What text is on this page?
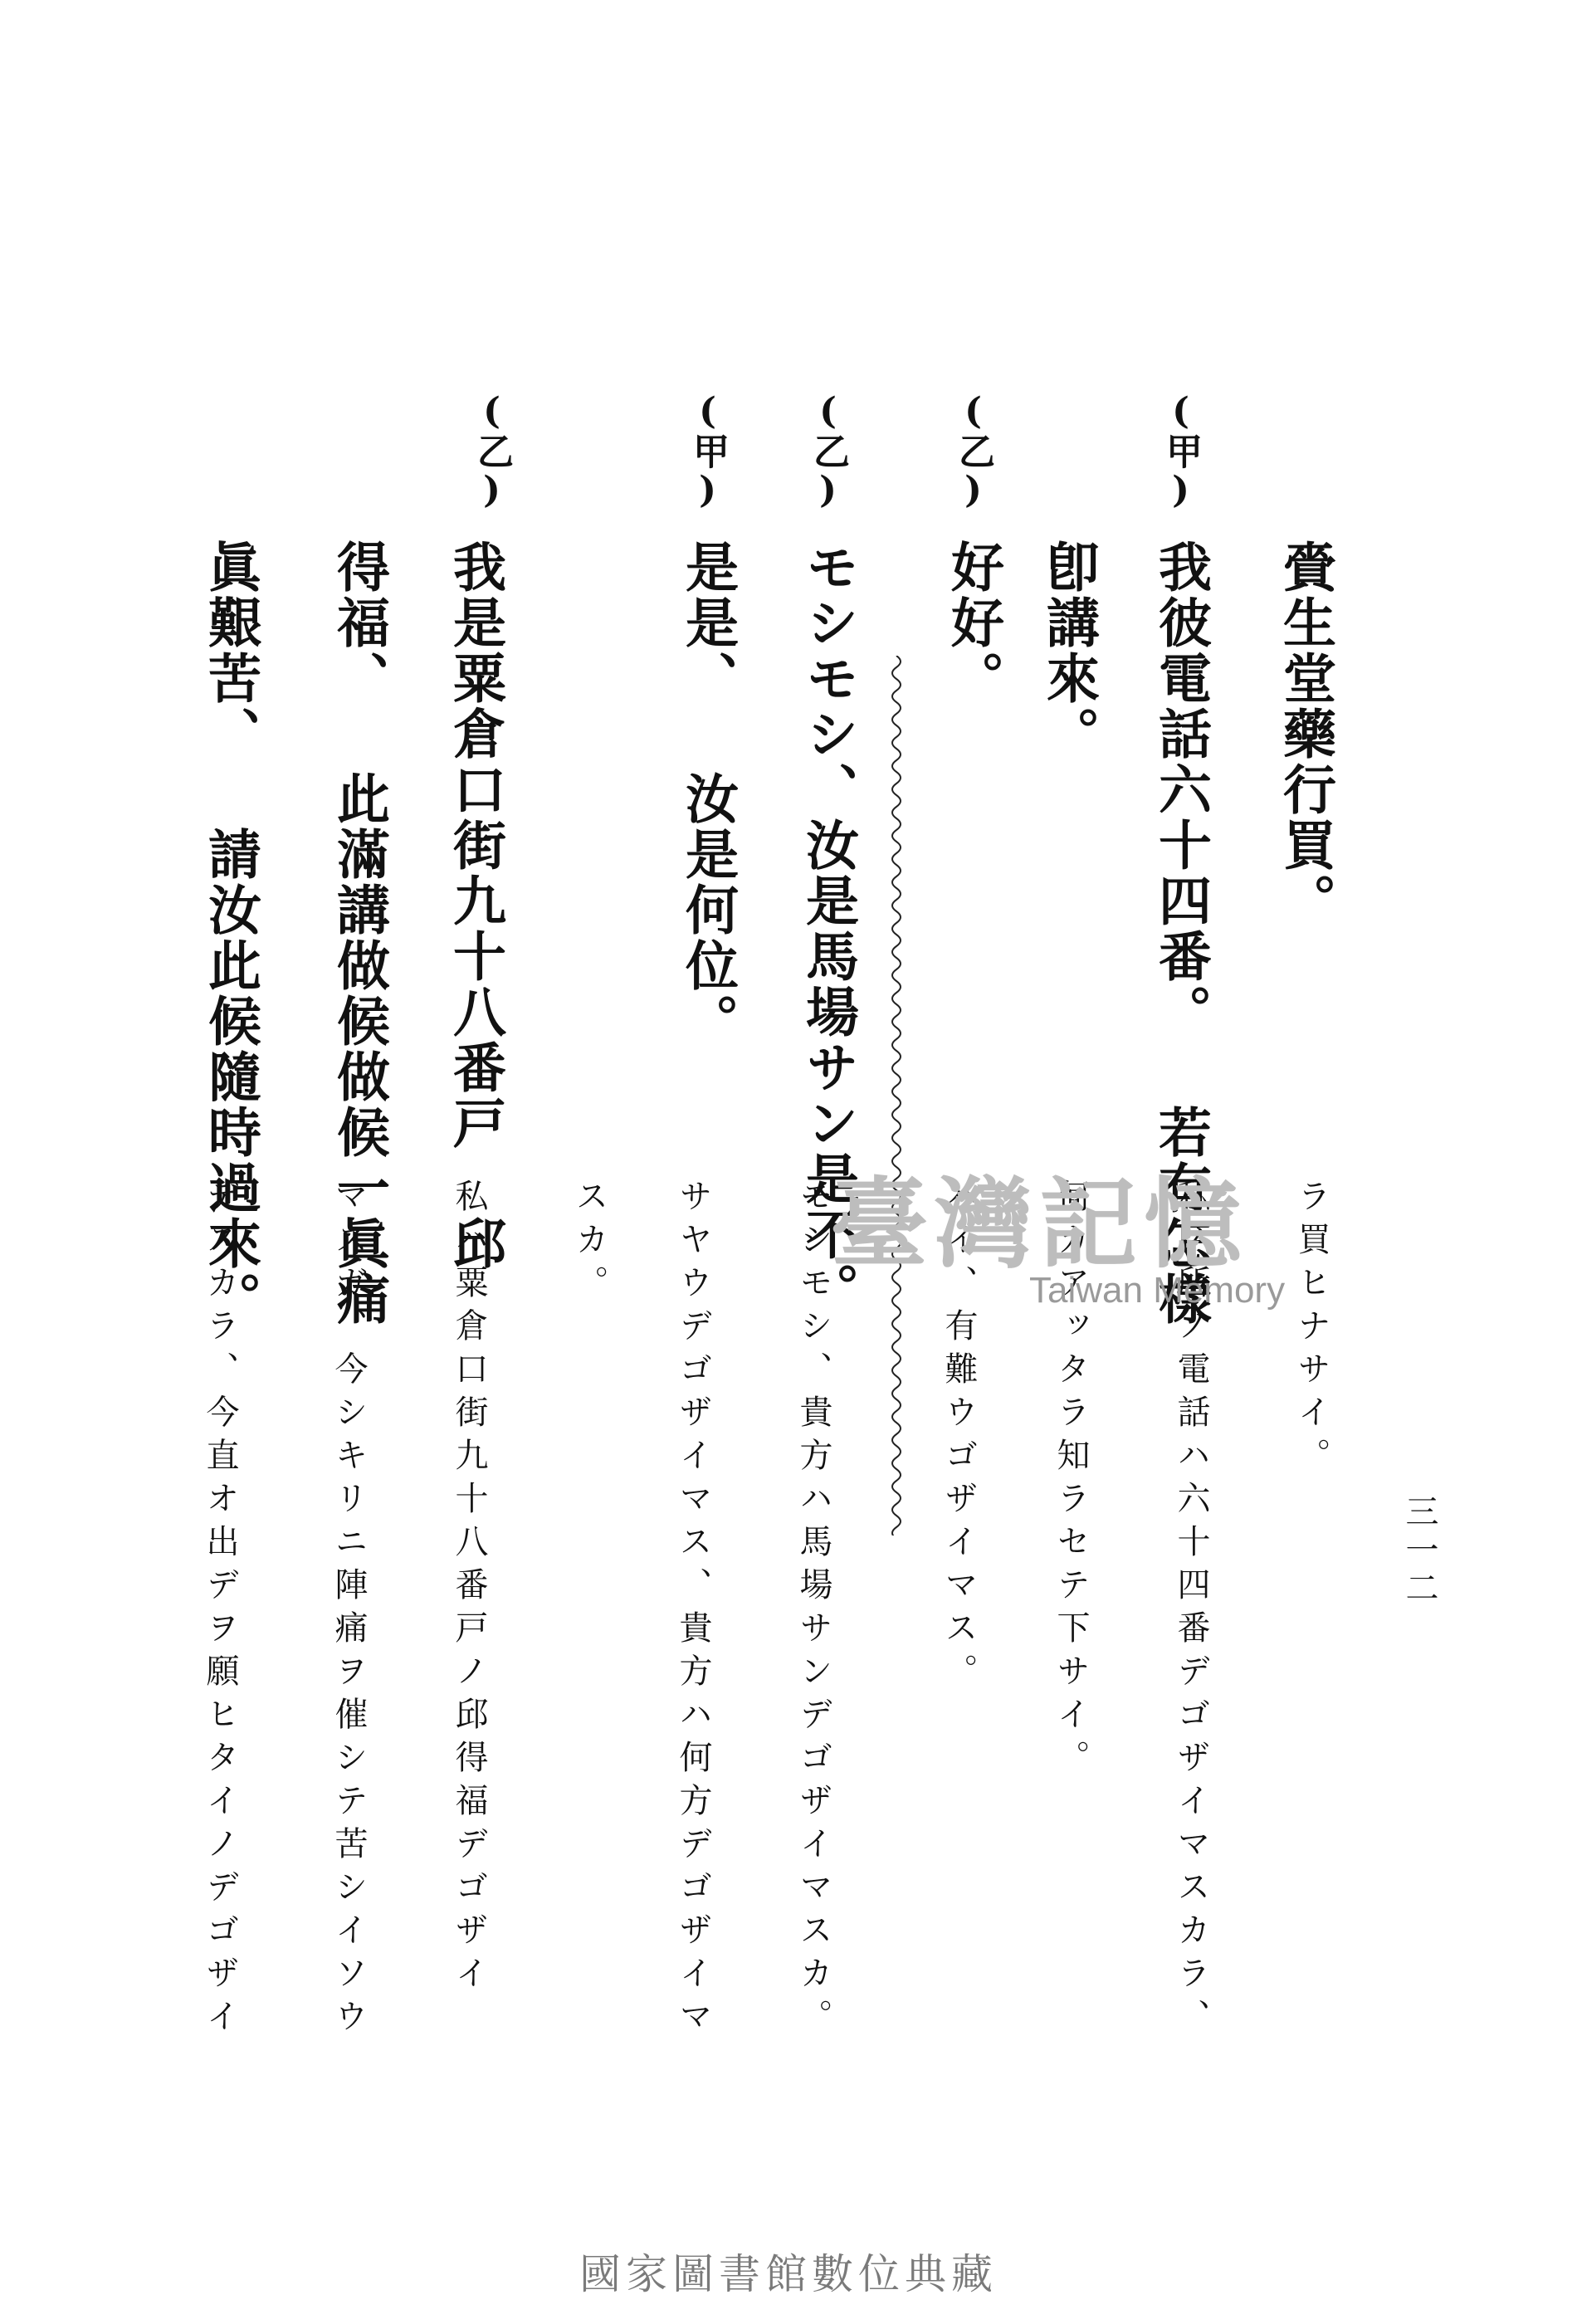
三一二
賫生堂藥行買。
(甲)
我彼電話六十四番。 若有怎樣
卽講來。
(乙)
好好。
(乙)
モシモシ、汝是馬場サン是不。
(甲)
是是、 汝是何位。
(乙)
我是粟倉口街九十八番戸 邱
得福、 此滿講做候做候一眞痛
眞艱苦、 請汝此候隨時過來。
ラ買ヒナサイ。
私ノ所ノ電話ハ六十四番デゴザイマスカラ、
何カアッタラ知ラセテ下サイ。
ハイ、有難ウゴザイマス。
モシモシ、貴方ハ馬場サンデゴザイマスカ。
サヤウデゴザイマス、貴方ハ何方デゴザイマ
スカ。
私ハ粟倉口街九十八番戸ノ邱得福デゴザイ
マスガ、今シキリニ陣痛ヲ催シテ苦シイソウ
デスカラ、今直オ出デヲ願ヒタイノデゴザイ	臺灣記憶
Taiwan Memory
國家圖書館數位典藏
